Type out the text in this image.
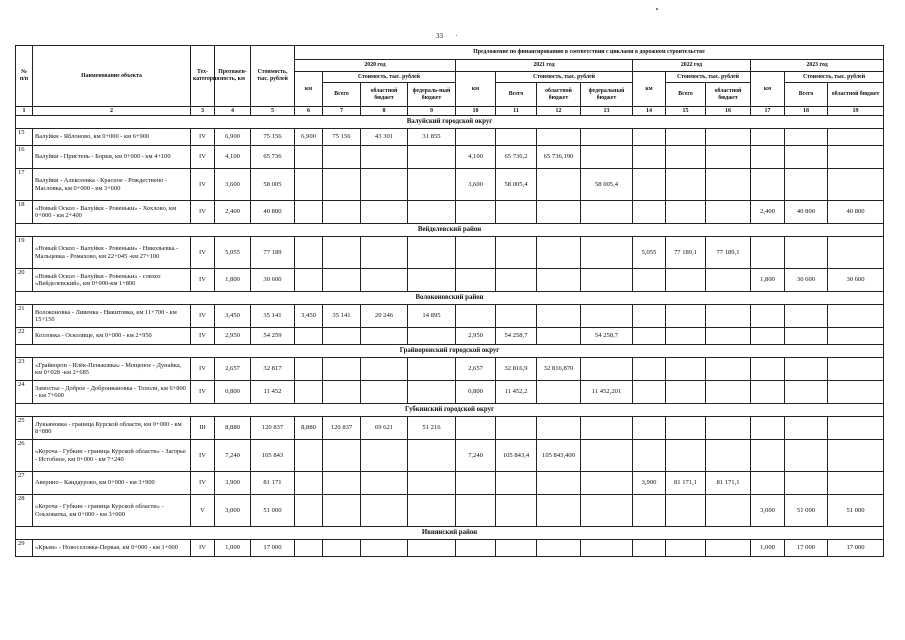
33
№ п/п	Наименование объекта	Тех-категория	Протяжен-ность, км	Стоимость, тыс. рублей	Предложение по финансированию в соответствии с циклами в дорожном строительстве													
					2020 год				2021 год				2022 год			2023 год		
					км	Стоимость, тыс. рублей			км	Стоимость, тыс. рублей			км	Стоимость, тыс. рублей		км	Стоимость, тыс. рублей	
						Всего	областной бюджет	федераль-ный бюджет		Всего	областной бюджет	федеральный бюджет		Всего	областной бюджет		Всего	областной бюджет
1	2	3	4	5	6	7	8	9	10	11	12	13	14	15	16	17	18	19
Валуйский городской округ																		
15	Валуйки - Яблоново, км 0+000 - км 6+900	IV	6,900	75 156	6,900	75 156	43 301	31 855										
16	Валуйки - Пристень - Борки, км 0+000 - км 4+100	IV	4,100	65 736					4,100	65 736,2	65 736,190							
17	Валуйки - Алексеевка - Красное - Рождествено - Масловка, км 0+000 - км 3+600	IV	3,600	58 005					3,600	58 005,4		58 005,4						
18	«Новый Оскол - Валуйки - Ровеньки» - Хохлово, км 0+000 - км 2+400	IV	2,400	40 800												2,400	40 800	40 800
Вейделевский район																		
19	«Новый Оскол - Валуйки - Ровеньки» - Никольевка - Мальцевка - Ромахово, км 22+045 -км 27+100	IV	5,055	77 189									5,055	77 189,1	77 189,1			
20	«Новый Оскол - Валуйки - Ровеньки» - совхоз «Вейделевский», км 0+000-км 1+800	IV	1,800	30 600												1,800	30 600	30 600
Волоконовский район																		
21	Волоконовка - Ливенка - Никитовка, км 11+700 - км 15+150	IV	3,450	35 141	3,450	35 141	20 246	14 895										
22	Козловка - Осколище, км 0+000 - км 2+950	IV	2,950	54 259					2,950	54 258,7		54 258,7						
Грайворонский городской округ																		
23	«Грайворон - Илёк-Пеньковка» - Мощеное - Дунайка, км 0+028 -км 2+685	IV	2,657	32 817					2,657	32 816,9	32 816,870							
24	Замостье - Доброе - Доброивановка - Тополи, км 6+800 - км 7+600	IV	0,800	11 452					0,800	11 452,2		11 452,201						
Губкинский городской округ																		
25	Лукьяновка - граница Курской области, км 0+000 - км 8+880	III	8,880	120 837	8,880	120 837	69 621	51 216										
26	«Короча - Губкин - граница Курской области» - Загорье - Истобное, км 0+000 - км 7+240	IV	7,240	105 843					7,240	105 843,4	105 843,400							
27	Аверино - Каидаурово, км 0+000 - км 3+900	IV	3,900	81 171									3,900	81 171,1	81 171,1			
28	«Короча - Губкин - граница Курской области» - Ольховатка, км 0+000 - км 3+000	V	3,000	51 000												3,000	51 000	51 000
Ивнянский район																		
29	«Крым» - Новоселовка-Первая, км 0+000 - км 1+000	IV	1,000	17 000												1,000	17 000	17 000
